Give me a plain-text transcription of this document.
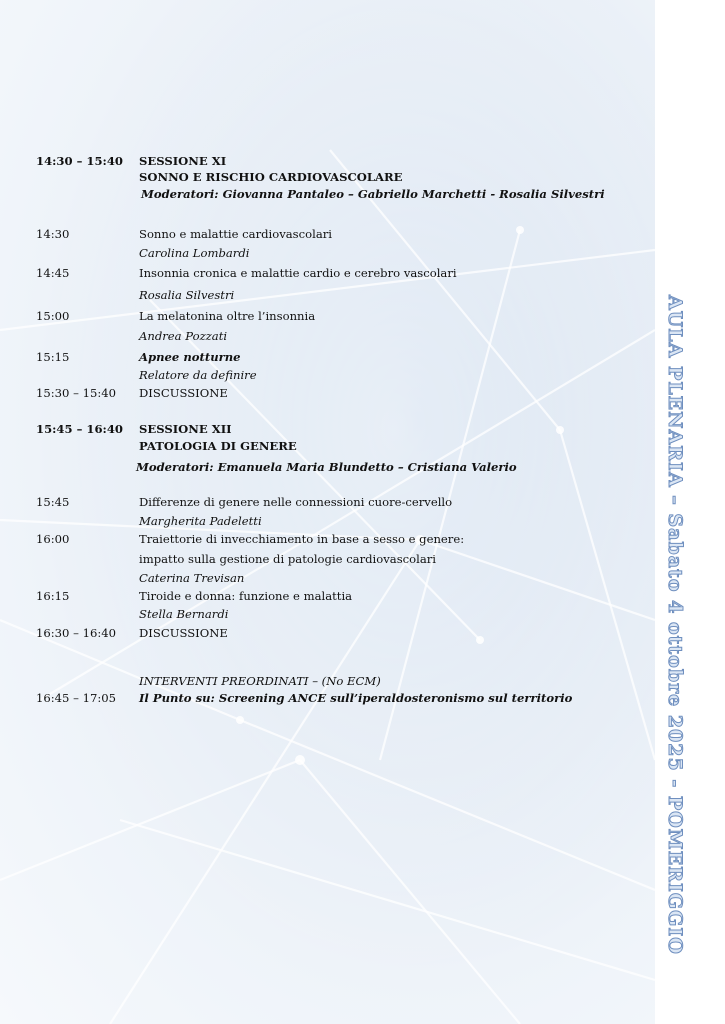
AULA PLENARIA – Sabato 4 ottobre 2025 - POMERIGGIO
14:30 – 15:40 SESSIONE XI
SONNO E RISCHIO CARDIOVASCOLARE
Moderatori: Giovanna Pantaleo – Gabriello Marchetti - Rosalia Silvestri
14:30	Sonno e malattie cardiovascolari
Carolina Lombardi
14:45	Insonnia cronica e malattie cardio e cerebro vascolari
Rosalia Silvestri
15:00	La melatonina oltre l’insonnia
Andrea Pozzati
15:15	Apnee notturne
Relatore da definire
15:30 – 15:40 DISCUSSIONE
15:45 – 16:40 SESSIONE XII
PATOLOGIA DI GENERE
Moderatori: Emanuela Maria Blundetto – Cristiana Valerio
15:45	Differenze di genere nelle connessioni cuore-cervello
Margherita Padeletti
16:00	Traiettorie di invecchiamento in base a sesso e genere:
impatto sulla gestione di patologie cardiovascolari
Caterina Trevisan
16:15	Tiroide e donna: funzione e malattia
Stella Bernardi
16:30 – 16:40 DISCUSSIONE
INTERVENTI PREORDINATI – (No ECM)
16:45 – 17:05 Il Punto su: Screening ANCE sull’iperaldosteronismo sul territorio
